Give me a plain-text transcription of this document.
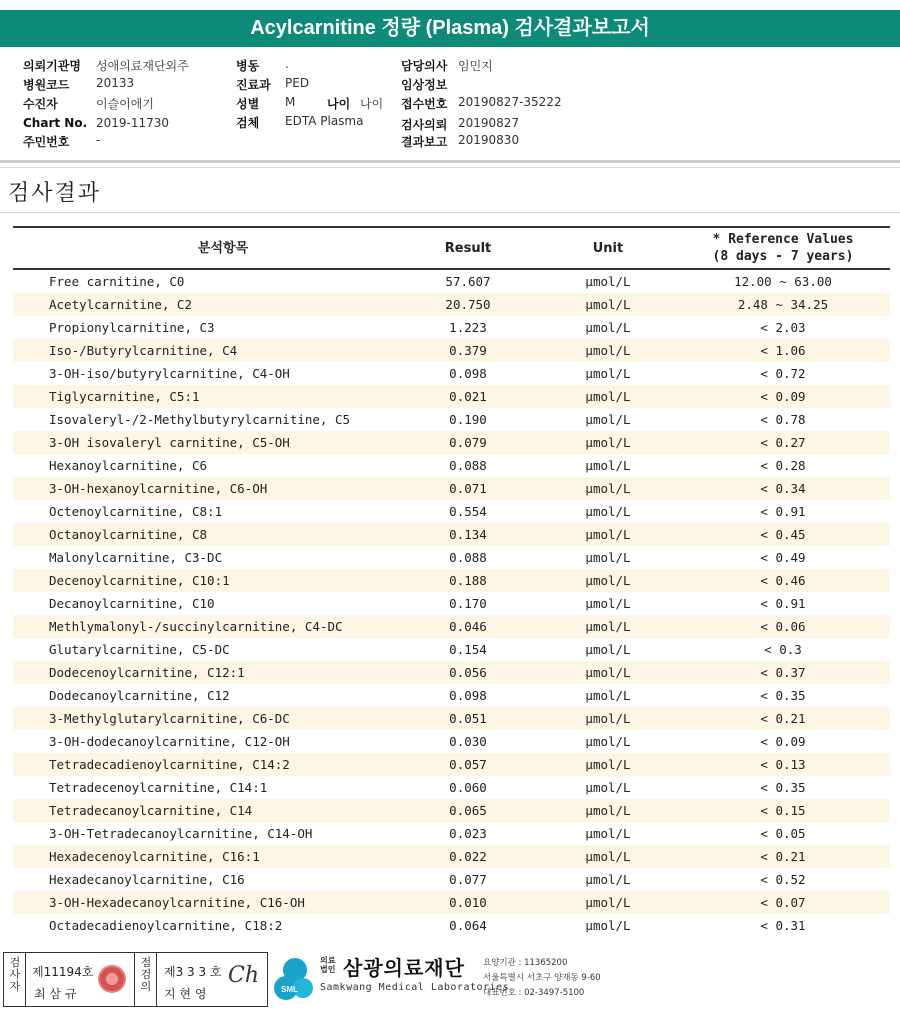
Acylcarnitine 정량 (Plasma) 검사결과보고서
의뢰기관명 성애의료재단외주
병원코드 20133
수진자	이슬이애기
Chart No. 2019-11730
주민번호 -
병동 .
진료과 PED
성별 M	나이 나이
검체 EDTA Plasma
담당의사 임민지
임상정보
접수번호 20190827-35222
검사의뢰 20190827
결과보고 20190830
검사결과
분석항목	Result	Unit
* Reference Values
(8 days - 7 years)
Free carnitine, C0	57.607	μmol/L	12.00 ~ 63.00
Acetylcarnitine, C2	20.750	μmol/L	2.48 ~ 34.25
Propionylcarnitine, C3	1.223	μmol/L	< 2.03
Iso-/Butyrylcarnitine, C4	0.379	μmol/L	< 1.06
3-OH-iso/butyrylcarnitine, C4-OH	0.098	μmol/L	< 0.72
Tiglycarnitine, C5:1	0.021	μmol/L	< 0.09
Isovaleryl-/2-Methylbutyrylcarnitine, C5	0.190	μmol/L	< 0.78
3-OH isovaleryl carnitine, C5-OH	0.079	μmol/L	< 0.27
Hexanoylcarnitine, C6	0.088	μmol/L	< 0.28
3-OH-hexanoylcarnitine, C6-OH	0.071	μmol/L	< 0.34
Octenoylcarnitine, C8:1	0.554	μmol/L	< 0.91
Octanoylcarnitine, C8	0.134	μmol/L	< 0.45
Malonylcarnitine, C3-DC	0.088	μmol/L	< 0.49
Decenoylcarnitine, C10:1	0.188	μmol/L	< 0.46
Decanoylcarnitine, C10	0.170	μmol/L	< 0.91
Methlymalonyl-/succinylcarnitine, C4-DC	0.046	μmol/L	< 0.06
Glutarylcarnitine, C5-DC	0.154	μmol/L	< 0.3
Dodecenoylcarnitine, C12:1	0.056	μmol/L	< 0.37
Dodecanoylcarnitine, C12	0.098	μmol/L	< 0.35
3-Methylglutarylcarnitine, C6-DC	0.051	μmol/L	< 0.21
3-OH-dodecanoylcarnitine, C12-OH	0.030	μmol/L	< 0.09
Tetradecadienoylcarnitine, C14:2	0.057	μmol/L	< 0.13
Tetradecenoylcarnitine, C14:1	0.060	μmol/L	< 0.35
Tetradecanoylcarnitine, C14	0.065	μmol/L	< 0.15
3-OH-Tetradecanoylcarnitine, C14-OH	0.023	μmol/L	< 0.05
Hexadecenoylcarnitine, C16:1	0.022	μmol/L	< 0.21
Hexadecanoylcarnitine, C16	0.077	μmol/L	< 0.52
3-OH-Hexadecanoylcarnitine, C16-OH	0.010	μmol/L	< 0.07
Octadecadienoylcarnitine, C18:2	0.064	μmol/L	< 0.31
검사자
제11194호
최 삼 규
점검의
제3 3 3 호
지 현 영
Ch
SML
의료법인 삼광의료재단
Samkwang Medical Laboratories
요양기관 : 11365200
서울특별시 서초구 양재동 9-60
대표번호 : 02-3497-5100
